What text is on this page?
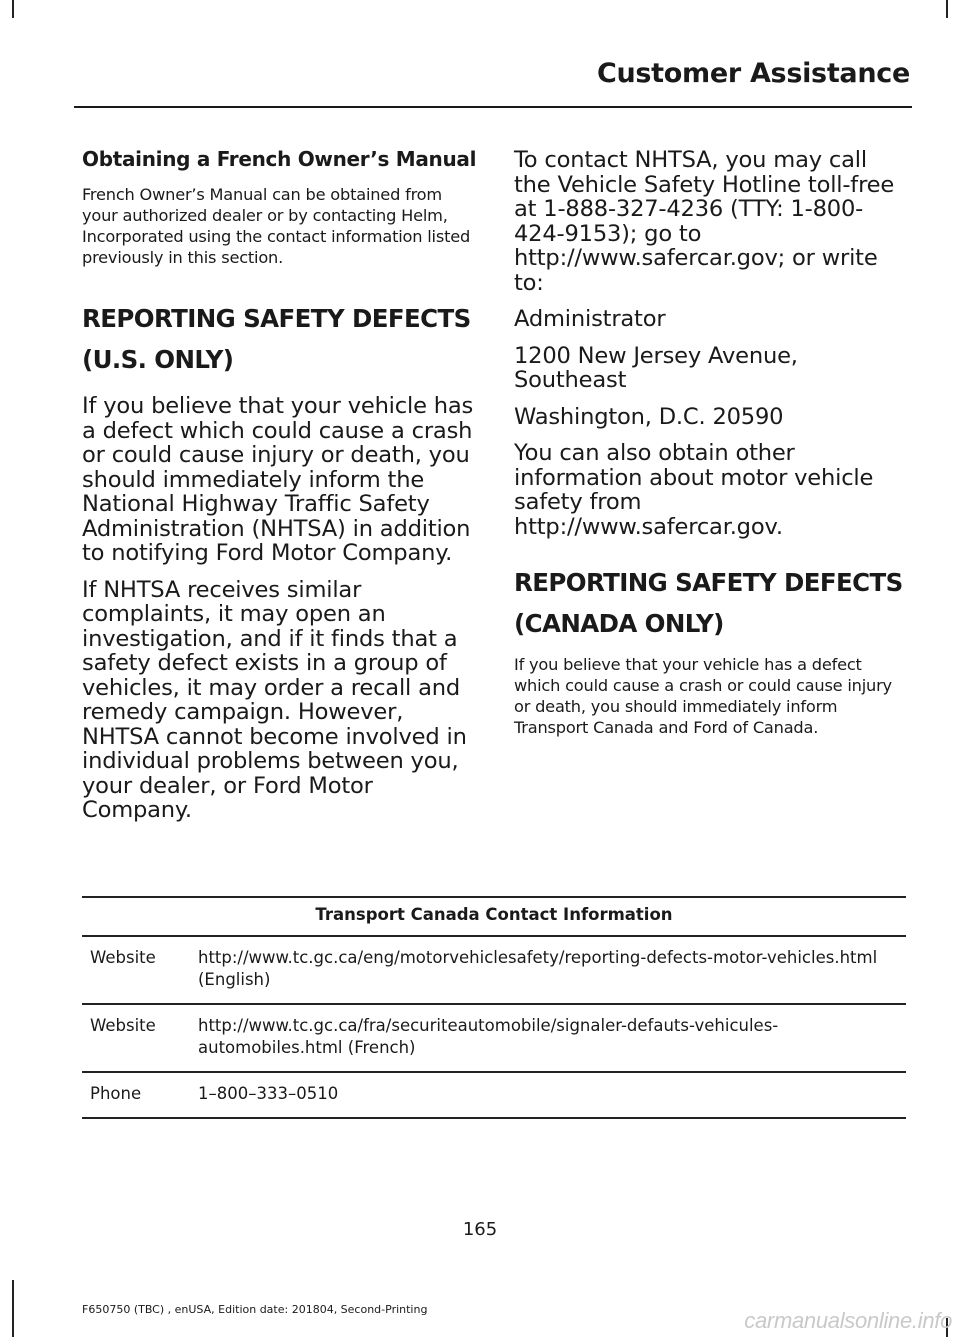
Customer Assistance
Obtaining a French Owner’s Manual

French Owner’s Manual can be obtained from your authorized dealer or by contacting Helm, Incorporated using the contact information listed previously in this section.

REPORTING SAFETY DEFECTS
(U.S. ONLY)

If you believe that your vehicle has a defect which could cause a crash or could cause injury or death, you should immediately inform the National Highway Traffic Safety Administration (NHTSA) in addition to notifying Ford Motor Company.

If NHTSA receives similar complaints, it may open an investigation, and if it finds that a safety defect exists in a group of vehicles, it may order a recall and remedy campaign. However, NHTSA cannot become involved in individual problems between you, your dealer, or Ford Motor Company.

To contact NHTSA, you may call the Vehicle Safety Hotline toll-free at 1-888-327-4236 (TTY: 1-800-424-9153); go to http://www.safercar.gov; or write to:

Administrator

1200 New Jersey Avenue, Southeast

Washington, D.C. 20590

You can also obtain other information about motor vehicle safety from http://www.safercar.gov.

REPORTING SAFETY DEFECTS
(CANADA ONLY)

If you believe that your vehicle has a defect which could cause a crash or could cause injury or death, you should immediately inform Transport Canada and Ford of Canada.

Transport Canada Contact Information	
Website	http://www.tc.gc.ca/eng/motorvehiclesafety/reporting-defects-motor-vehicles.html (English)
Website	http://www.tc.gc.ca/fra/securiteautomobile/signaler-defauts-vehicules-automobiles.html (French)
Phone	1–800–333–0510
165
F650750 (TBC) , enUSA, Edition date: 201804, Second-Printing	carmanualsonline.info
